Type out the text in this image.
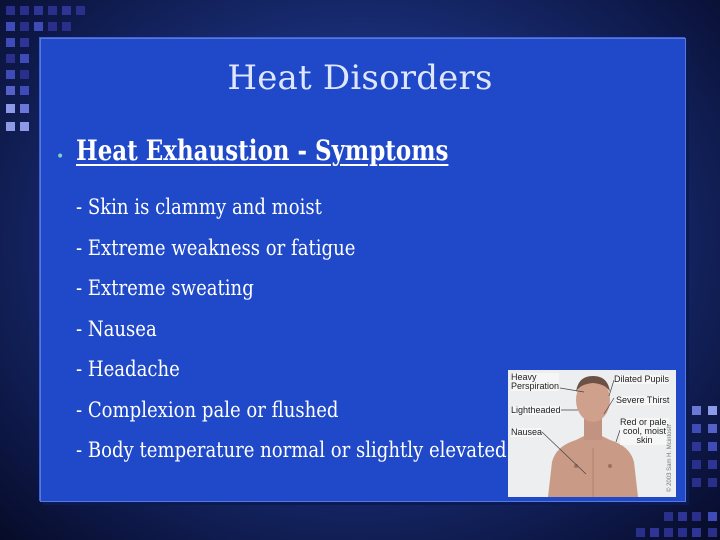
Heat Disorders
• Heat Exhaustion - Symptoms
- Skin is clammy and moist
- Extreme weakness or fatigue
- Extreme sweating
- Nausea
- Headache
- Complexion pale or flushed
- Body temperature normal or slightly elevated
Heavy
Perspiration
Dilated Pupils
Severe Thirst
Lightheaded
Red or pale,
cool, moist
skin
Nausea	© 2003 Sam H. Mcintosh
